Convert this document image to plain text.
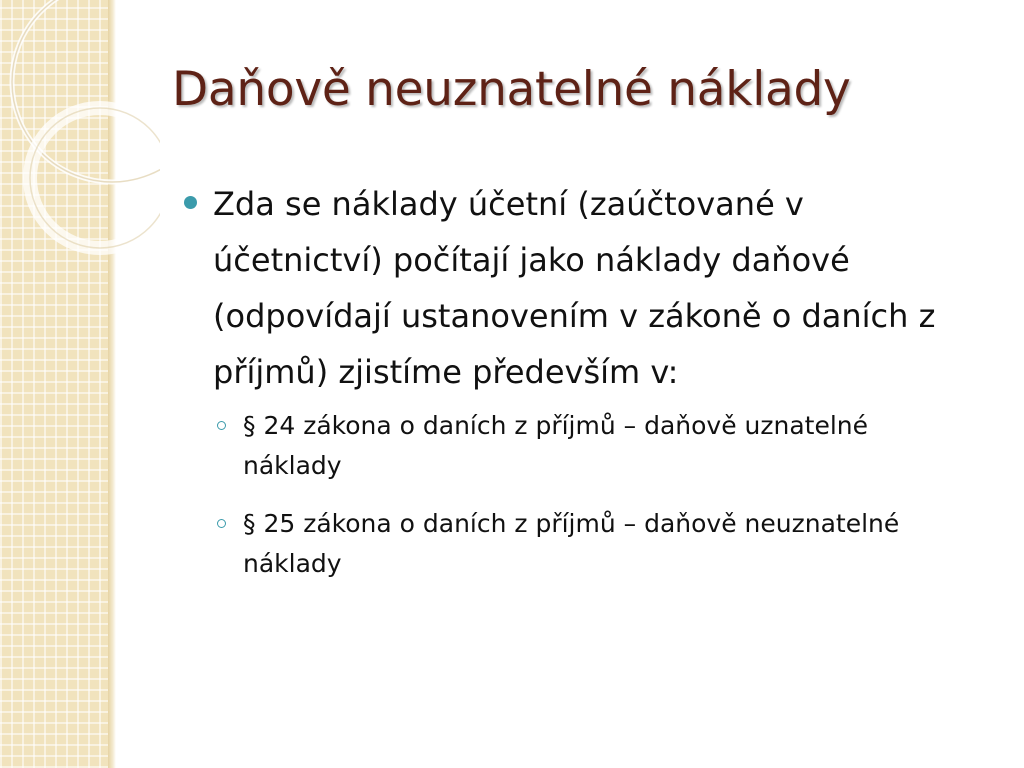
Daňově neuznatelné náklady
Zda se náklady účetní (zaúčtované v účetnictví) počítají jako náklady daňové (odpovídají ustanovením v zákoně o daních z příjmů) zjistíme především v:
§ 24 zákona o daních z příjmů – daňově uznatelné náklady
§ 25 zákona o daních z příjmů – daňově neuznatelné náklady
